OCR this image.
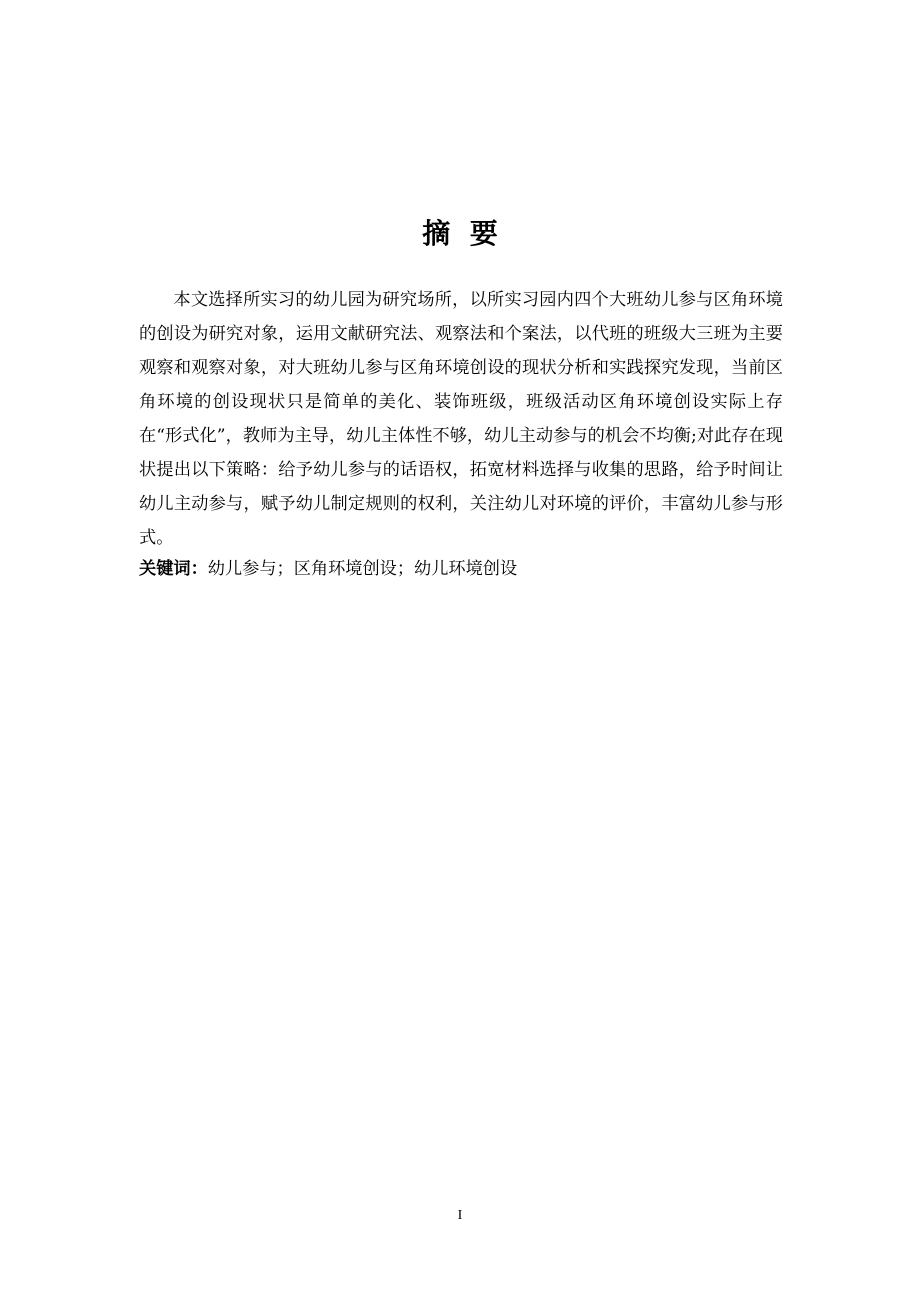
摘  要

本文选择所实习的幼儿园为研究场所，以所实习园内四个大班幼儿参与区角环境的创设为研究对象，运用文献研究法、观察法和个案法，以代班的班级大三班为主要观察和观察对象，对大班幼儿参与区角环境创设的现状分析和实践探究发现，当前区角环境的创设现状只是简单的美化、装饰班级，班级活动区角环境创设实际上存在“形式化”，教师为主导，幼儿主体性不够，幼儿主动参与的机会不均衡;对此存在现状提出以下策略：给予幼儿参与的话语权，拓宽材料选择与收集的思路，给予时间让幼儿主动参与，赋予幼儿制定规则的权利，关注幼儿对环境的评价，丰富幼儿参与形式。

关键词：幼儿参与；区角环境创设；幼儿环境创设

I
